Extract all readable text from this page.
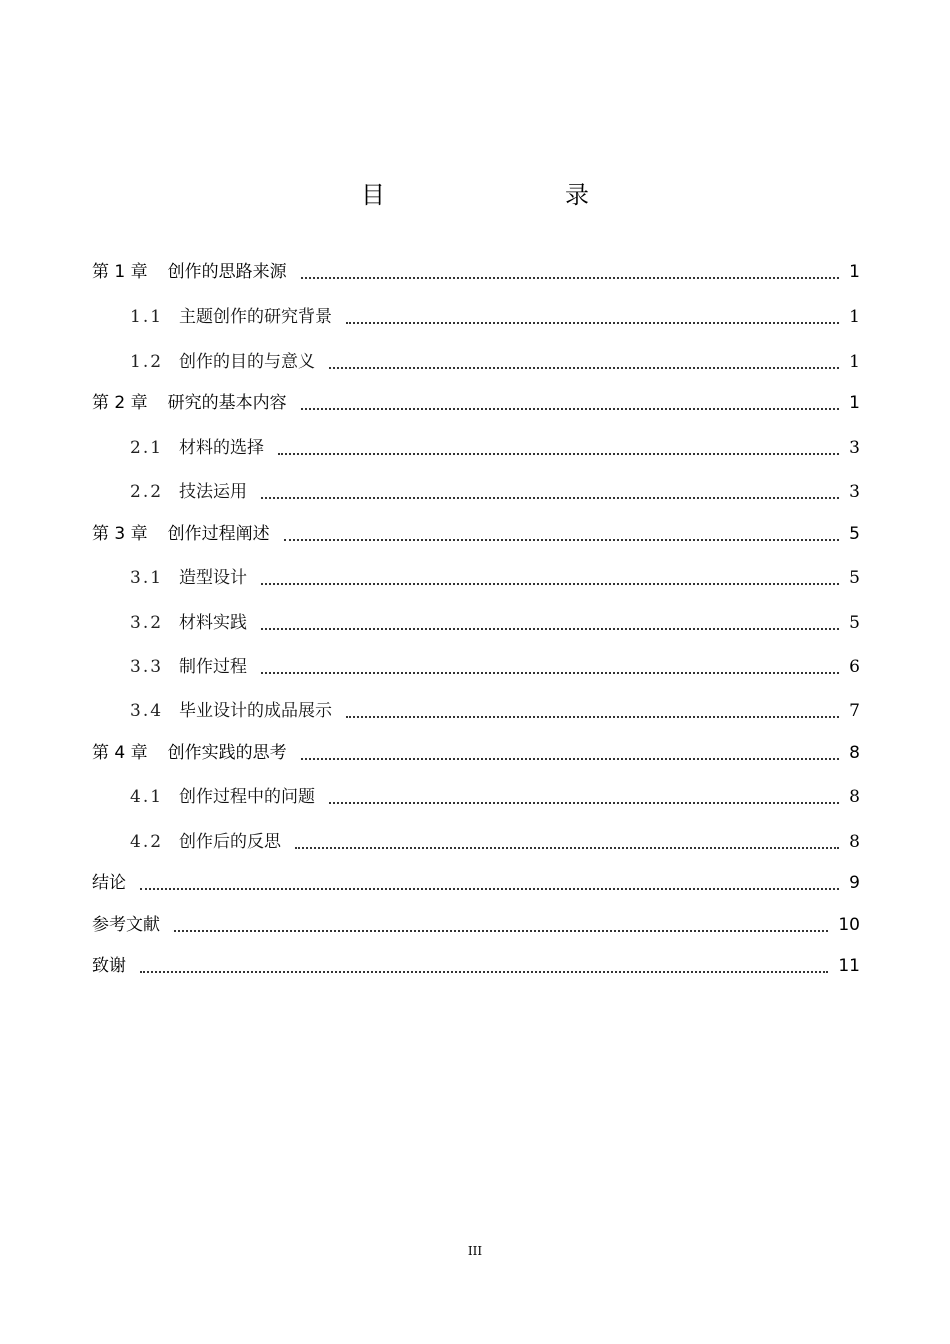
目　　录
第 1 章 创作的思路来源	1
1.1 主题创作的研究背景	1
1.2 创作的目的与意义	1
第 2 章 研究的基本内容	1
2.1 材料的选择	3
2.2 技法运用	3
第 3 章 创作过程阐述	5
3.1 造型设计	5
3.2 材料实践	5
3.3 制作过程	6
3.4 毕业设计的成品展示	7
第 4 章 创作实践的思考	8
4.1 创作过程中的问题	8
4.2 创作后的反思	8
结论	9
参考文献	10
致谢	11
III
